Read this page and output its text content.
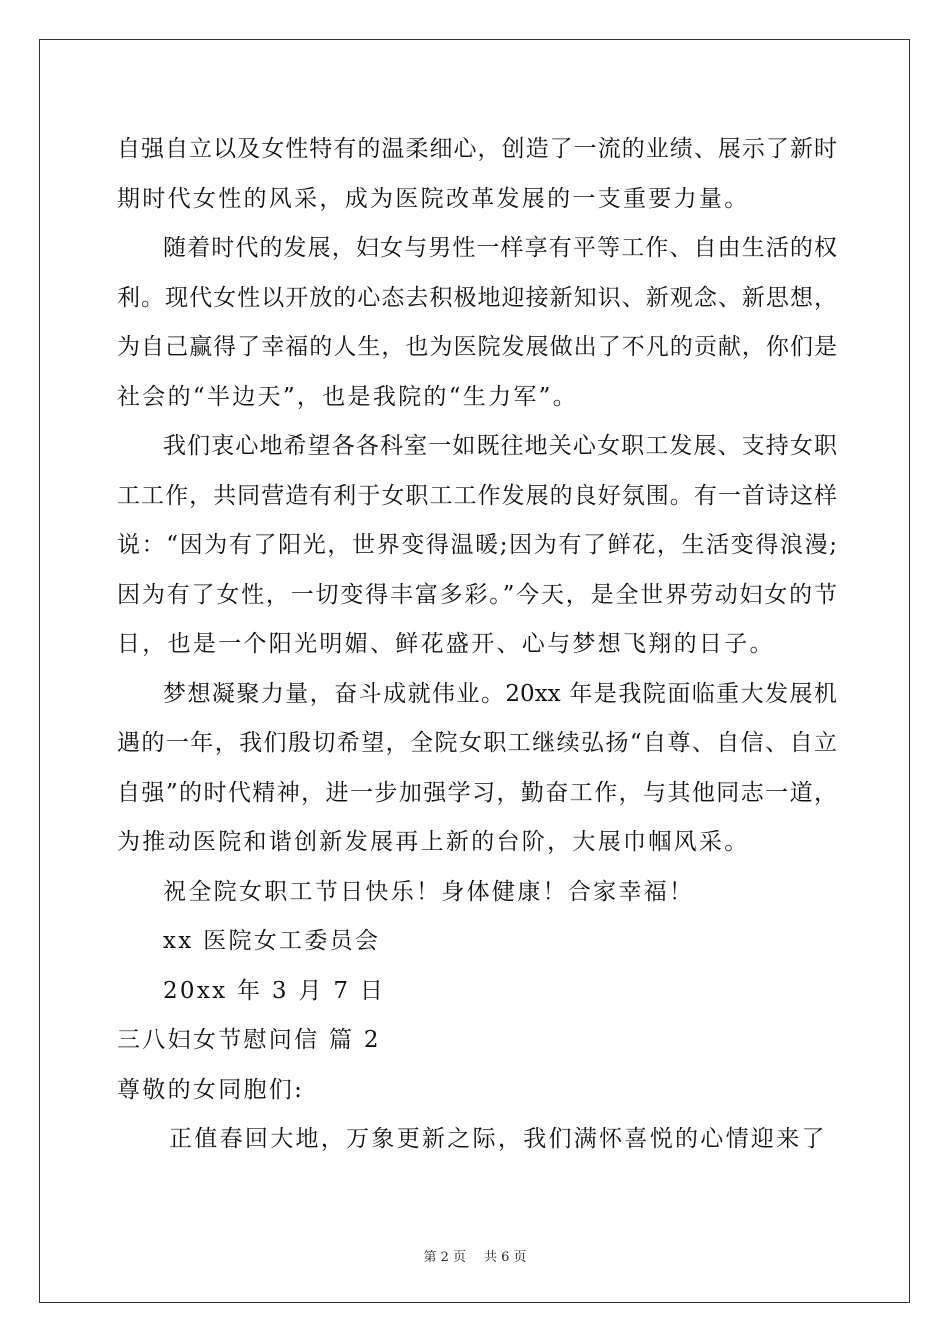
自强自立以及女性特有的温柔细心，创造了一流的业绩、展示了新时
期时代女性的风采，成为医院改革发展的一支重要力量。
随着时代的发展，妇女与男性一样享有平等工作、自由生活的权
利。现代女性以开放的心态去积极地迎接新知识、新观念、新思想，
为自己赢得了幸福的人生，也为医院发展做出了不凡的贡献，你们是
社会的“半边天”，也是我院的“生力军”。
我们衷心地希望各各科室一如既往地关心女职工发展、支持女职
工工作，共同营造有利于女职工工作发展的良好氛围。有一首诗这样
说：“因为有了阳光，世界变得温暖;因为有了鲜花，生活变得浪漫;
因为有了女性，一切变得丰富多彩。”今天，是全世界劳动妇女的节
日，也是一个阳光明媚、鲜花盛开、心与梦想飞翔的日子。
梦想凝聚力量，奋斗成就伟业。20xx 年是我院面临重大发展机
遇的一年，我们殷切希望，全院女职工继续弘扬“自尊、自信、自立
自强”的时代精神，进一步加强学习，勤奋工作，与其他同志一道，
为推动医院和谐创新发展再上新的台阶，大展巾帼风采。
祝全院女职工节日快乐！身体健康！合家幸福！
xx 医院女工委员会
20xx 年 3 月 7 日
三八妇女节慰问信 篇 2
尊敬的女同胞们:
正值春回大地，万象更新之际，我们满怀喜悦的心情迎来了
第 2 页 共 6 页
